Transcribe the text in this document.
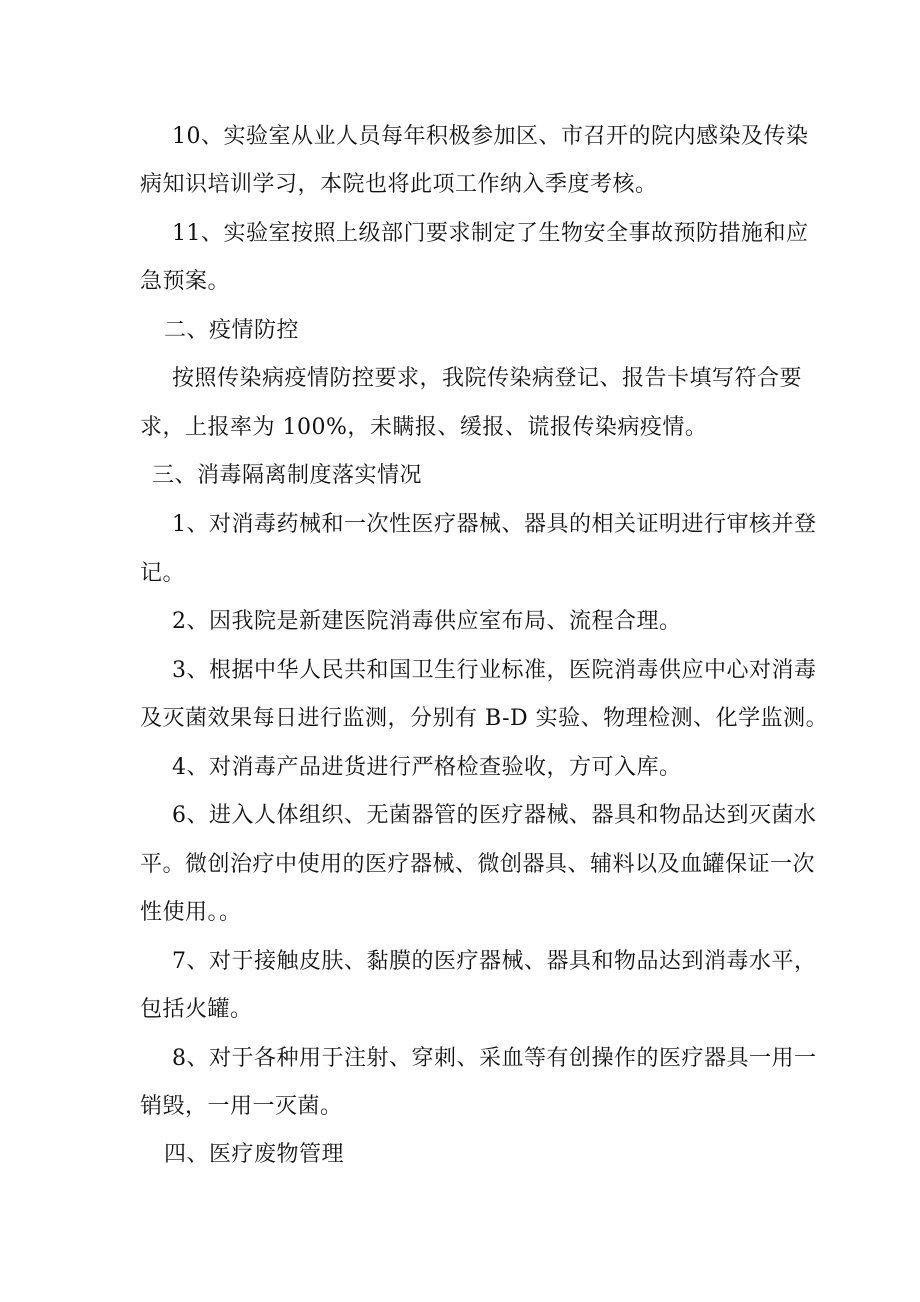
10、实验室从业人员每年积极参加区、市召开的院内感染及传染
病知识培训学习，本院也将此项工作纳入季度考核。
11、实验室按照上级部门要求制定了生物安全事故预防措施和应
急预案。
二、疫情防控
按照传染病疫情防控要求，我院传染病登记、报告卡填写符合要
求，上报率为 100%，未瞒报、缓报、谎报传染病疫情。
三、消毒隔离制度落实情况
1、对消毒药械和一次性医疗器械、器具的相关证明进行审核并登
记。
2、因我院是新建医院消毒供应室布局、流程合理。
3、根据中华人民共和国卫生行业标准，医院消毒供应中心对消毒
及灭菌效果每日进行监测，分别有 B-D 实验、物理检测、化学监测。
4、对消毒产品进货进行严格检查验收，方可入库。
6、进入人体组织、无菌器管的医疗器械、器具和物品达到灭菌水
平。微创治疗中使用的医疗器械、微创器具、辅料以及血罐保证一次
性使用。。
7、对于接触皮肤、黏膜的医疗器械、器具和物品达到消毒水平，
包括火罐。
8、对于各种用于注射、穿刺、采血等有创操作的医疗器具一用一
销毁，一用一灭菌。
四、医疗废物管理
